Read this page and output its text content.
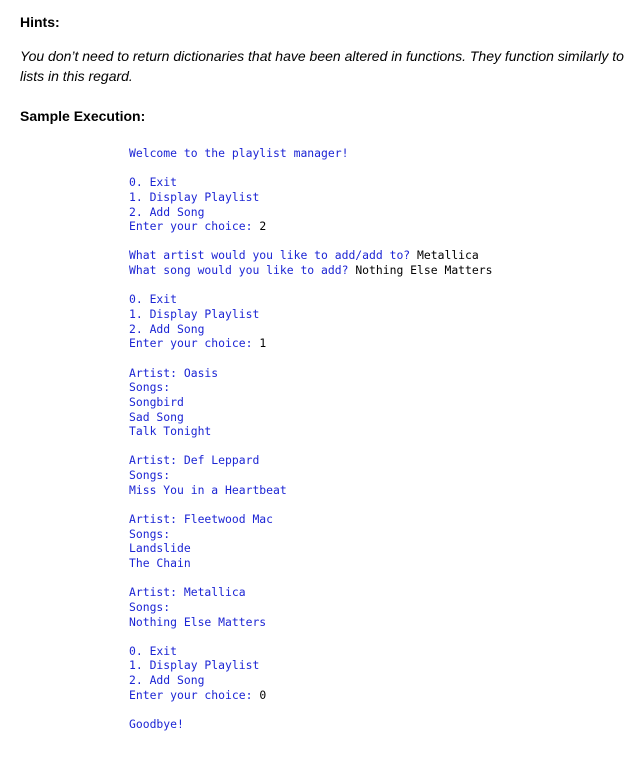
Hints:

You don’t need to return dictionaries that have been altered in functions. They function similarly to lists in this regard.

Sample Execution:
Welcome to the playlist manager!
0. Exit
1. Display Playlist
2. Add Song
Enter your choice: 2
What artist would you like to add/add to? Metallica
What song would you like to add? Nothing Else Matters
0. Exit
1. Display Playlist
2. Add Song
Enter your choice: 1
Artist: Oasis
Songs:
Songbird
Sad Song
Talk Tonight
Artist: Def Leppard
Songs:
Miss You in a Heartbeat
Artist: Fleetwood Mac
Songs:
Landslide
The Chain
Artist: Metallica
Songs:
Nothing Else Matters
0. Exit
1. Display Playlist
2. Add Song
Enter your choice: 0
Goodbye!
